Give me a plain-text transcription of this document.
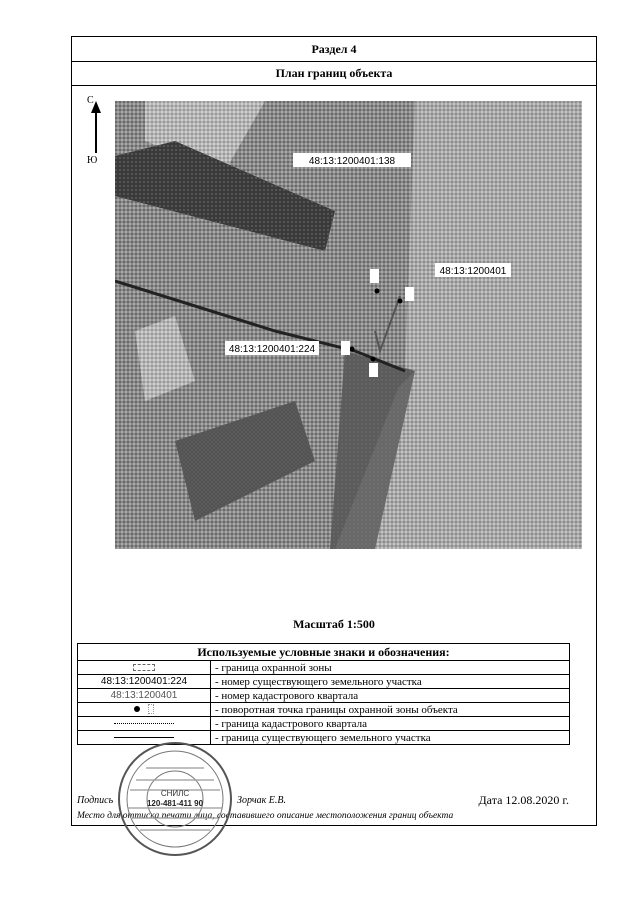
Раздел 4
План границ объекта
С
Ю	48:13:1200401:138
48:13:1200401
48:13:1200401:224
Масштаб 1:500
Используемые условные знаки и обозначения:	
	- граница охранной зоны
48:13:1200401:224	- номер существующего земельного участка
48:13:1200401	- номер кадастрового квартала
	- поворотная точка границы охранной зоны объекта
	- граница кадастрового квартала
	- граница существующего земельного участка
Подпись	Зорчак Е.В.	Дата 12.08.2020 г.
Место для оттиска печати лица, составившего описание местоположения границ объекта
СНИЛС
120-481-411 90
